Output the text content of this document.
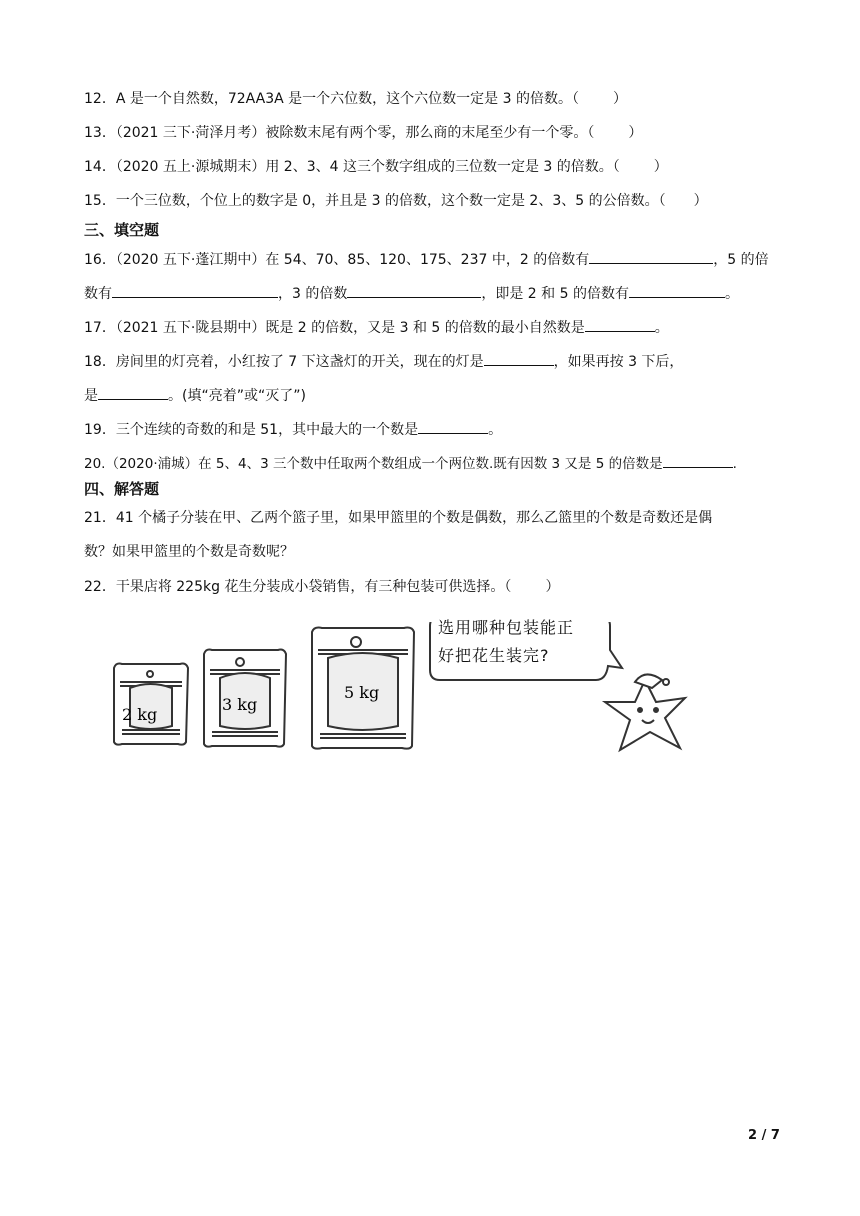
12．A 是一个自然数，72AA3A 是一个六位数，这个六位数一定是 3 的倍数。（ ）
13．（2021 三下·菏泽月考）被除数末尾有两个零，那么商的末尾至少有一个零。（ ）
14．（2020 五上·源城期末）用 2、3、4 这三个数字组成的三位数一定是 3 的倍数。（ ）
15．一个三位数，个位上的数字是 0，并且是 3 的倍数，这个数一定是 2、3、5 的公倍数。（ ）
三、填空题
16．（2020 五下·蓬江期中）在 54、70、85、120、175、237 中，2 的倍数有	，5 的倍
数有	，3 的倍数	，即是 2 和 5 的倍数有	。
17．（2021 五下·陇县期中）既是 2 的倍数，又是 3 和 5 的倍数的最小自然数是	。
18．房间里的灯亮着，小红按了 7 下这盏灯的开关，现在的灯是	，如果再按 3 下后，
是	。(填“亮着”或“灭了”)
19．三个连续的奇数的和是 51，其中最大的一个数是	。
20.（2020·浦城）在 5、4、3 三个数中任取两个数组成一个两位数.既有因数 3 又是 5 的倍数是	.
四、解答题
21．41 个橘子分装在甲、乙两个篮子里，如果甲篮里的个数是偶数，那么乙篮里的个数是奇数还是偶
数？如果甲篮里的个数是奇数呢？
22．干果店将 225kg 花生分装成小袋销售，有三种包装可供选择。（ ）
2 kg
3 kg
5 kg
选用哪种包装能正
好把花生装完?
2 / 7
